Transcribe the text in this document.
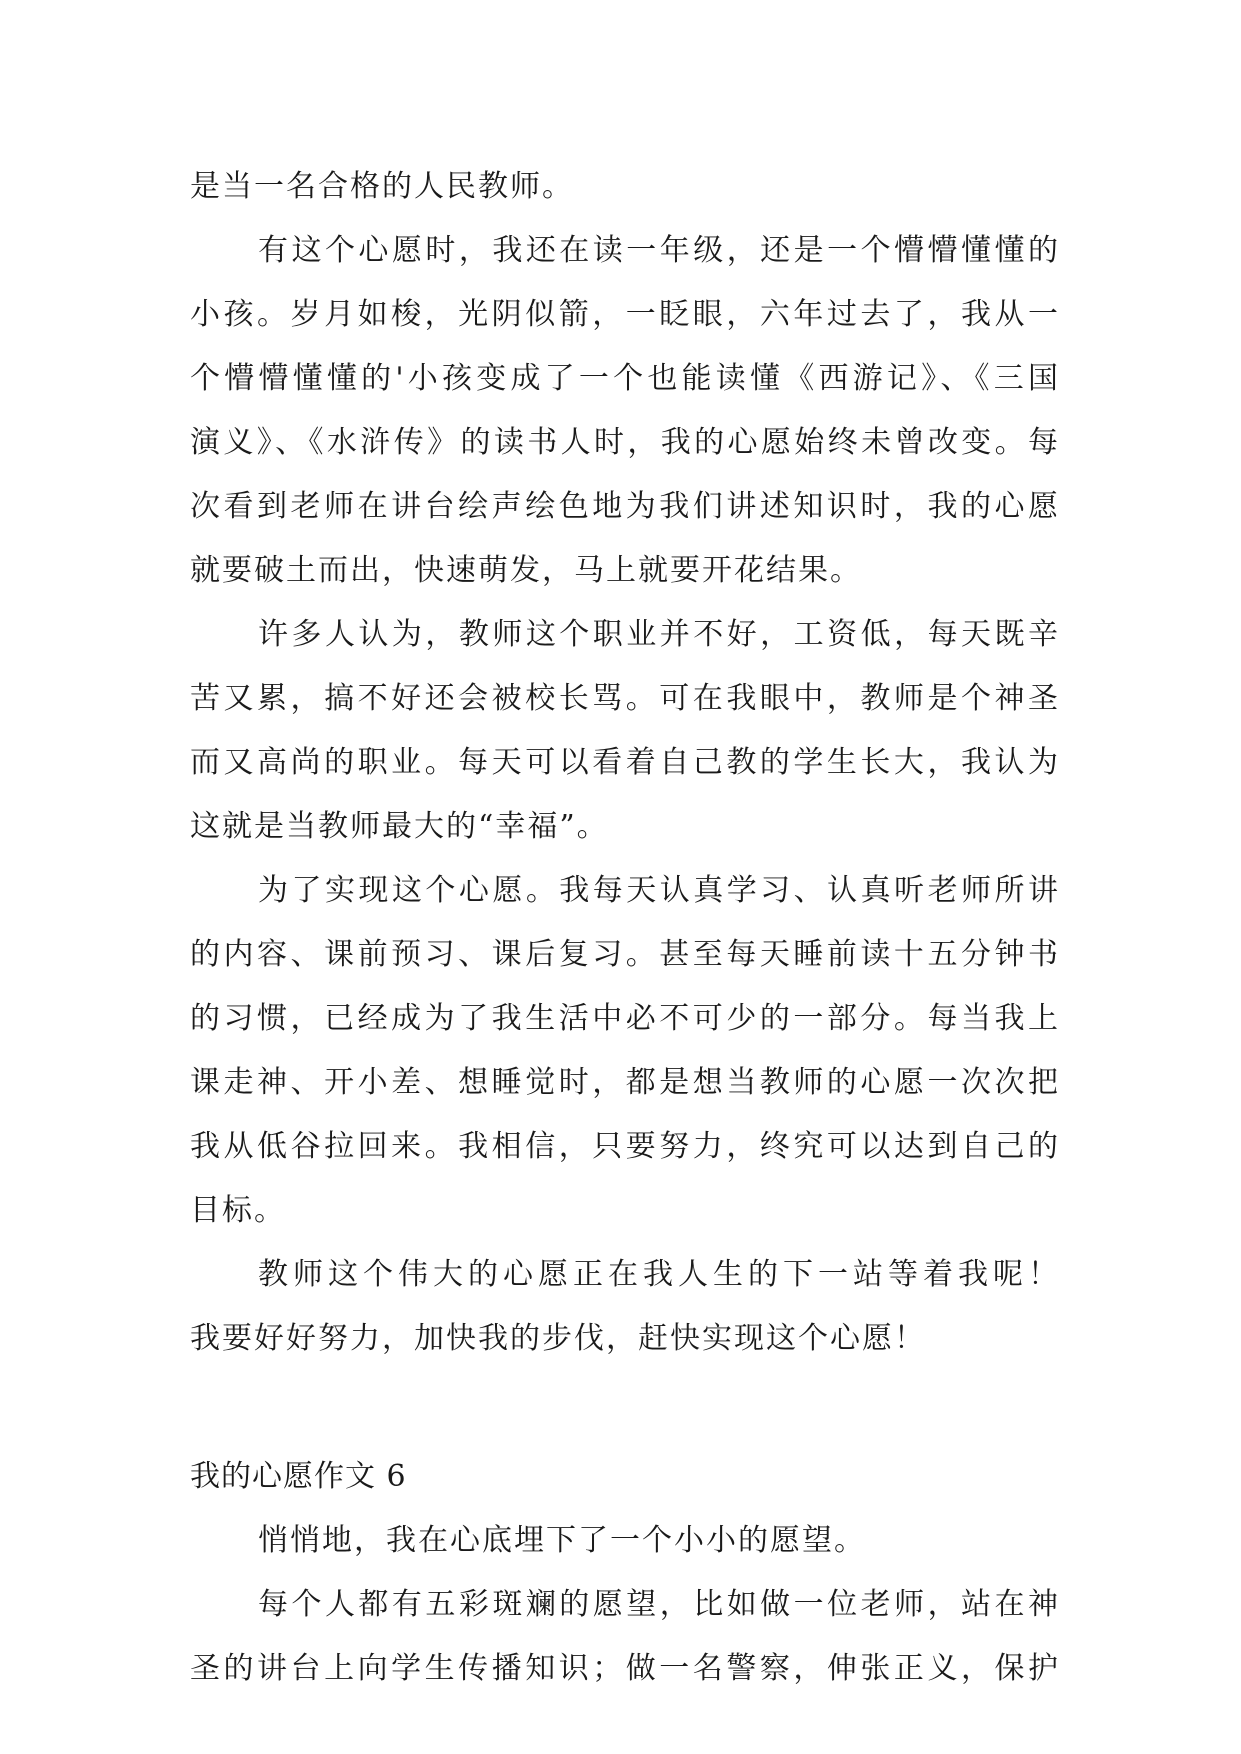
是当一名合格的人民教师。
有这个心愿时，我还在读一年级，还是一个懵懵懂懂的
小孩。岁月如梭，光阴似箭，一眨眼，六年过去了，我从一
个懵懵懂懂的'小孩变成了一个也能读懂《西游记》、《三国
演义》、《水浒传》的读书人时，我的心愿始终未曾改变。每
次看到老师在讲台绘声绘色地为我们讲述知识时，我的心愿
就要破土而出，快速萌发，马上就要开花结果。
许多人认为，教师这个职业并不好，工资低，每天既辛
苦又累，搞不好还会被校长骂。可在我眼中，教师是个神圣
而又高尚的职业。每天可以看着自己教的学生长大，我认为
这就是当教师最大的“幸福”。
为了实现这个心愿。我每天认真学习、认真听老师所讲
的内容、课前预习、课后复习。甚至每天睡前读十五分钟书
的习惯，已经成为了我生活中必不可少的一部分。每当我上
课走神、开小差、想睡觉时，都是想当教师的心愿一次次把
我从低谷拉回来。我相信，只要努力，终究可以达到自己的
目标。
教师这个伟大的心愿正在我人生的下一站等着我呢！
我要好好努力，加快我的步伐，赶快实现这个心愿！
我的心愿作文 6
悄悄地，我在心底埋下了一个小小的愿望。
每个人都有五彩斑斓的愿望，比如做一位老师，站在神
圣的讲台上向学生传播知识；做一名警察，伸张正义，保护
